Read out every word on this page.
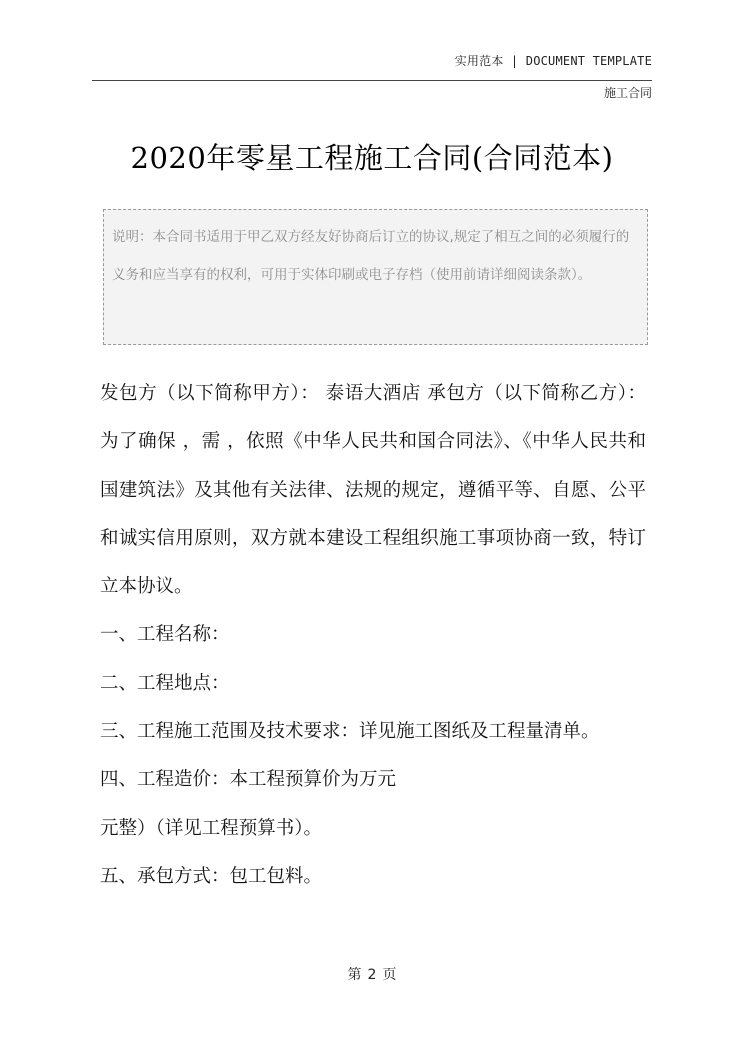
实用范本 | DOCUMENT TEMPLATE
施工合同
2020年零星工程施工合同(合同范本)
说明：本合同书适用于甲乙双方经友好协商后订立的协议,规定了相互之间的必须履行的义务和应当享有的权利，可用于实体印刷或电子存档（使用前请详细阅读条款）。

发包方（以下简称甲方）： 泰语大酒店 承包方（以下简称乙方）：

为了确保 ，需 ，依照《中华人民共和国合同法》、《中华人民共和

国建筑法》及其他有关法律、法规的规定，遵循平等、自愿、公平

和诚实信用原则，双方就本建设工程组织施工事项协商一致，特订

立本协议。

一、工程名称：

二、工程地点：

三、工程施工范围及技术要求：详见施工图纸及工程量清单。

四、工程造价：本工程预算价为万元

元整）（详见工程预算书）。

五、承包方式：包工包料。

第 2 页
